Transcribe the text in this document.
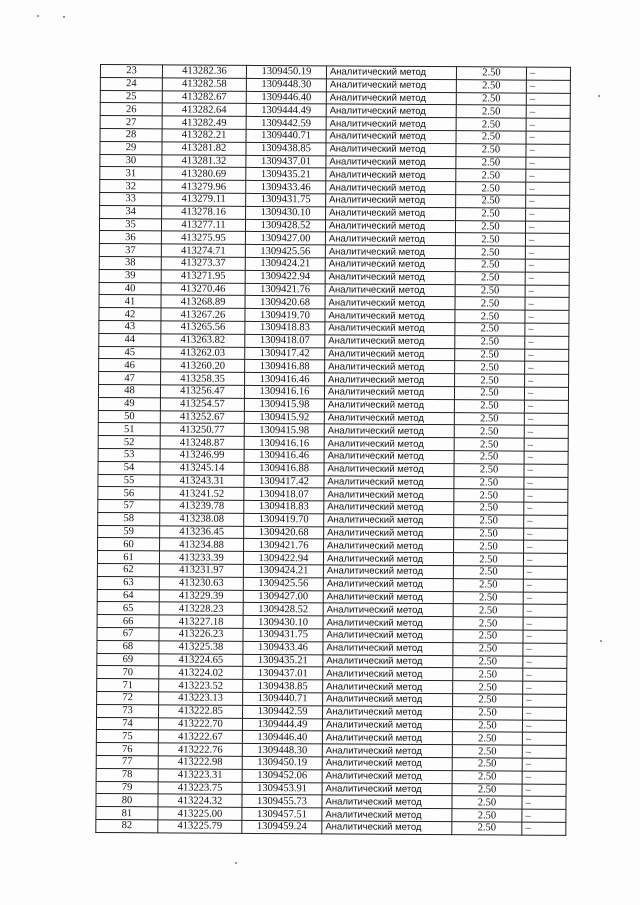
23	413282.36	1309450.19	Аналитический метод	2.50	–
24	413282.58	1309448.30	Аналитический метод	2.50	–
25	413282.67	1309446.40	Аналитический метод	2.50	–
26	413282.64	1309444.49	Аналитический метод	2.50	–
27	413282.49	1309442.59	Аналитический метод	2.50	–
28	413282.21	1309440.71	Аналитический метод	2.50	–
29	413281.82	1309438.85	Аналитический метод	2.50	–
30	413281.32	1309437.01	Аналитический метод	2.50	–
31	413280.69	1309435.21	Аналитический метод	2.50	–
32	413279.96	1309433.46	Аналитический метод	2.50	–
33	413279.11	1309431.75	Аналитический метод	2.50	–
34	413278.16	1309430.10	Аналитический метод	2.50	–
35	413277.11	1309428.52	Аналитический метод	2.50	–
36	413275.95	1309427.00	Аналитический метод	2.50	–
37	413274.71	1309425.56	Аналитический метод	2.50	–
38	413273.37	1309424.21	Аналитический метод	2.50	–
39	413271.95	1309422.94	Аналитический метод	2.50	–
40	413270.46	1309421.76	Аналитический метод	2.50	–
41	413268.89	1309420.68	Аналитический метод	2.50	–
42	413267.26	1309419.70	Аналитический метод	2.50	–
43	413265.56	1309418.83	Аналитический метод	2.50	–
44	413263.82	1309418.07	Аналитический метод	2.50	–
45	413262.03	1309417.42	Аналитический метод	2.50	–
46	413260.20	1309416.88	Аналитический метод	2.50	–
47	413258.35	1309416.46	Аналитический метод	2.50	–
48	413256.47	1309416.16	Аналитический метод	2.50	–
49	413254.57	1309415.98	Аналитический метод	2.50	–
50	413252.67	1309415.92	Аналитический метод	2.50	–
51	413250.77	1309415.98	Аналитический метод	2.50	–
52	413248.87	1309416.16	Аналитический метод	2.50	–
53	413246.99	1309416.46	Аналитический метод	2.50	–
54	413245.14	1309416.88	Аналитический метод	2.50	–
55	413243.31	1309417.42	Аналитический метод	2.50	–
56	413241.52	1309418.07	Аналитический метод	2.50	–
57	413239.78	1309418.83	Аналитический метод	2.50	–
58	413238.08	1309419.70	Аналитический метод	2.50	–
59	413236.45	1309420.68	Аналитический метод	2.50	–
60	413234.88	1309421.76	Аналитический метод	2.50	–
61	413233.39	1309422.94	Аналитический метод	2.50	–
62	413231.97	1309424.21	Аналитический метод	2.50	–
63	413230.63	1309425.56	Аналитический метод	2.50	–
64	413229.39	1309427.00	Аналитический метод	2.50	–
65	413228.23	1309428.52	Аналитический метод	2.50	–
66	413227.18	1309430.10	Аналитический метод	2.50	–
67	413226.23	1309431.75	Аналитический метод	2.50	–
68	413225.38	1309433.46	Аналитический метод	2.50	–
69	413224.65	1309435.21	Аналитический метод	2.50	–
70	413224.02	1309437.01	Аналитический метод	2.50	–
71	413223.52	1309438.85	Аналитический метод	2.50	–
72	413223.13	1309440.71	Аналитический метод	2.50	–
73	413222.85	1309442.59	Аналитический метод	2.50	–
74	413222.70	1309444.49	Аналитический метод	2.50	–
75	413222.67	1309446.40	Аналитический метод	2.50	–
76	413222.76	1309448.30	Аналитический метод	2.50	–
77	413222.98	1309450.19	Аналитический метод	2.50	–
78	413223.31	1309452.06	Аналитический метод	2.50	–
79	413223.75	1309453.91	Аналитический метод	2.50	–
80	413224.32	1309455.73	Аналитический метод	2.50	–
81	413225.00	1309457.51	Аналитический метод	2.50	–
82	413225.79	1309459.24	Аналитический метод	2.50	–
